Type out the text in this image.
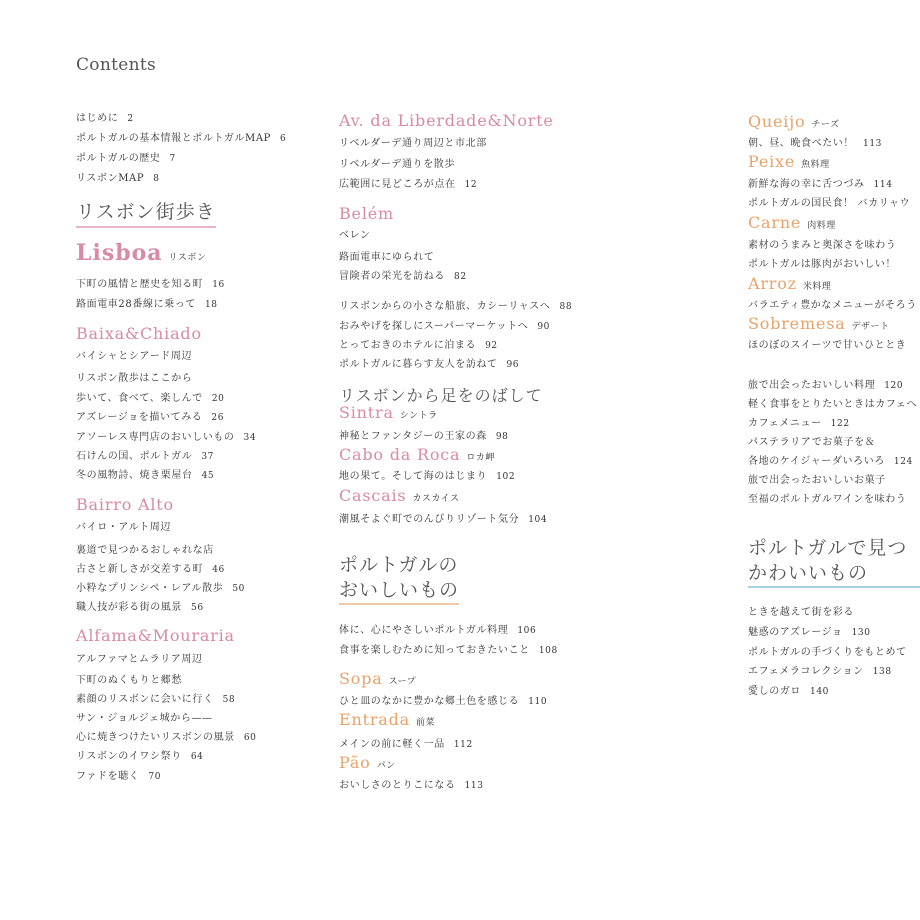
Contents
はじめに 2
ポルトガルの基本情報とポルトガルMAP 6
ポルトガルの歴史 7
リスボンMAP 8
リスボン街歩き
Lisboa リスボン
下町の風情と歴史を知る町 16
路面電車28番線に乗って 18
Baixa&Chiado
バイシャとシアード周辺
リスボン散歩はここから
歩いて、食べて、楽しんで 20
アズレージョを描いてみる 26
アソーレス専門店のおいしいもの 34
石けんの国、ポルトガル 37
冬の風物詩、焼き栗屋台 45
Bairro Alto
バイロ・アルト周辺
裏道で見つかるおしゃれな店
古さと新しさが交差する町 46
小粋なプリンシペ・レアル散歩 50
職人技が彩る街の風景 56
Alfama&Mouraria
アルファマとムラリア周辺
下町のぬくもりと郷愁
素顔のリスボンに会いに行く 58
サン・ジョルジェ城から——
心に焼きつけたいリスボンの風景 60
リスボンのイワシ祭り 64
ファドを聴く 70
Av. da Liberdade&Norte
リベルダーデ通り周辺と市北部
リベルダーデ通りを散歩
広範囲に見どころが点在 12
Belém
ベレン
路面電車にゆられて
冒険者の栄光を訪ねる 82
リスボンからの小さな船旅、カシーリャスへ 88
おみやげを探しにスーパーマーケットへ 90
とっておきのホテルに泊まる 92
ポルトガルに暮らす友人を訪ねて 96
リスボンから足をのばして
Sintra シントラ
神秘とファンタジーの王家の森 98
Cabo da Roca ロカ岬
地の果て。そして海のはじまり 102
Cascais カスカイス
潮風そよぐ町でのんびりリゾート気分 104
ポルトガルの
おいしいもの
体に、心にやさしいポルトガル料理 106
食事を楽しむために知っておきたいこと 108
Sopa スープ
ひと皿のなかに豊かな郷土色を感じる 110
Entrada 前菜
メインの前に軽く一品 112
Pão パン
おいしさのとりこになる 113
Queijo チーズ
朝、昼、晩食べたい！ 113
Peixe 魚料理
新鮮な海の幸に舌つづみ 114
ポルトガルの国民食！ バカリャウ
Carne 肉料理
素材のうまみと奥深さを味わう
ポルトガルは豚肉がおいしい！
Arroz 米料理
バラエティ豊かなメニューがそろう
Sobremesa デザート
ほのぼのスイーツで甘いひととき
旅で出会ったおいしい料理 120
軽く食事をとりたいときはカフェへ
カフェメニュー 122
パステラリアでお菓子を＆
各地のケイジャーダいろいろ 124
旅で出会ったおいしいお菓子
至福のポルトガルワインを味わう
ポルトガルで見つ
かわいいもの
ときを越えて街を彩る
魅惑のアズレージョ 130
ポルトガルの手づくりをもとめて
エフェメラコレクション 138
愛しのガロ 140
